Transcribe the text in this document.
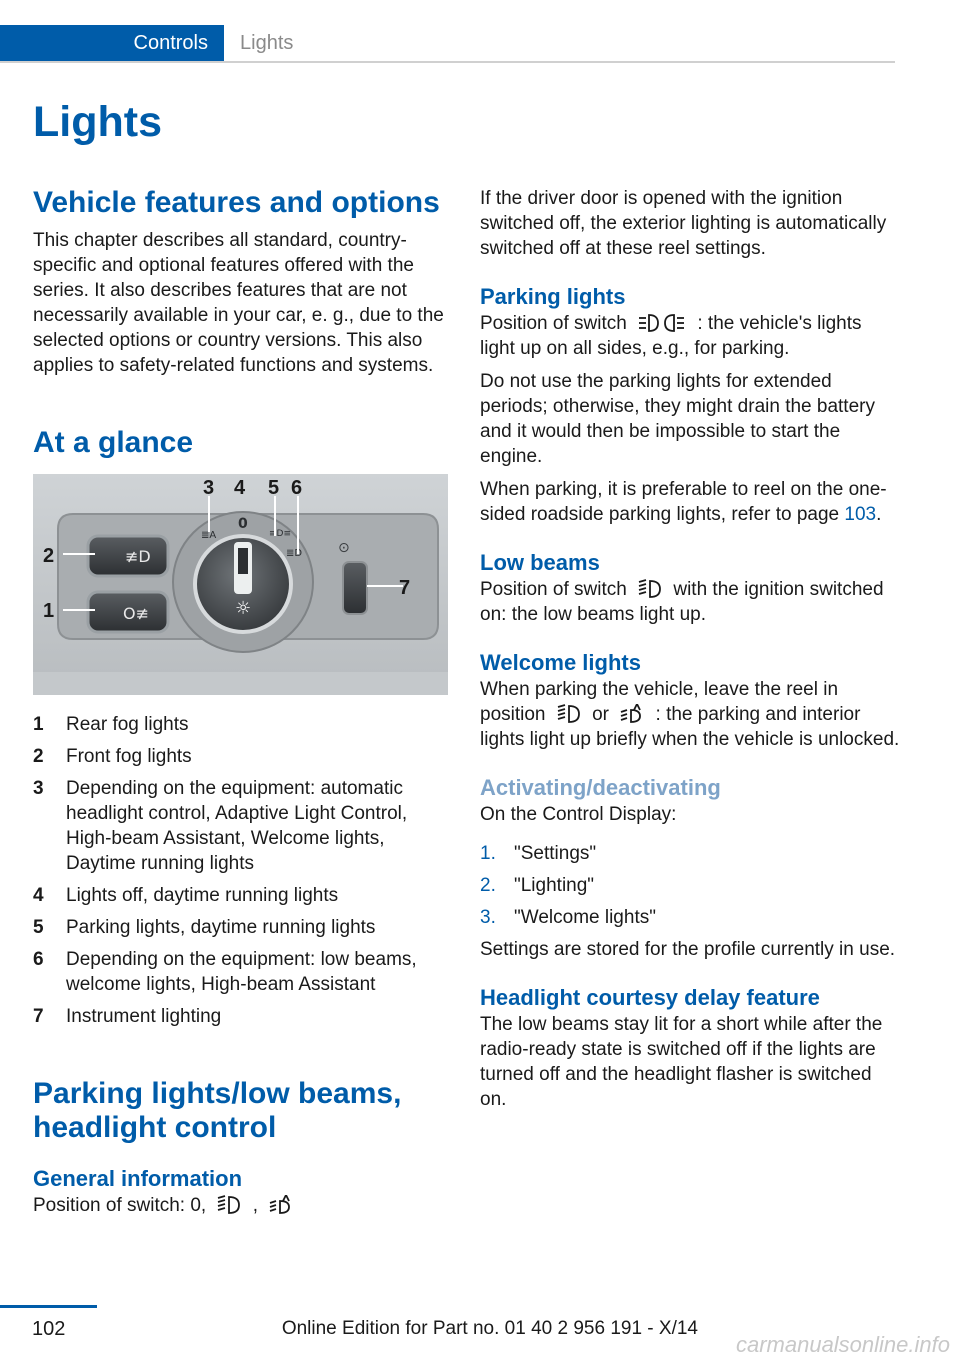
Controls Lights
Lights
Vehicle features and options

This chapter describes all standard, country-specific and optional features offered with the series. It also describes features that are not necessarily available in your car, e. g., due to the selected options or country versions. This also applies to safety-related functions and systems.

At a glance
≢D
O≢	☼
0
≣A	≡D≡
≣D	⊙
3 4 5 6
2
1
7
1	Rear fog lights
2	Front fog lights
3	Depending on the equipment: automatic headlight control, Adaptive Light Control, High-beam Assistant, Welcome lights, Daytime running lights
4	Lights off, daytime running lights
5	Parking lights, daytime running lights
6	Depending on the equipment: low beams, welcome lights, High-beam Assistant
7	Instrument lighting
Parking lights/low beams, headlight control
General information

Position of switch: 0, ,

If the driver door is opened with the ignition switched off, the exterior lighting is automatically switched off at these reel settings.

Parking lights

Position of switch	: the vehicle's lights light up on all sides, e.g., for parking.

Do not use the parking lights for extended periods; otherwise, they might drain the battery and it would then be impossible to start the engine.

When parking, it is preferable to reel on the one-sided roadside parking lights, refer to page 103.

Low beams

Position of switch with the ignition switched on: the low beams light up.

Welcome lights

When parking the vehicle, leave the reel in position or : the parking and interior lights light up briefly when the vehicle is unlocked.

Activating/deactivating

On the Control Display:

1. "Settings"
2. "Lighting"
3. "Welcome lights"

Settings are stored for the profile currently in use.

Headlight courtesy delay feature

The low beams stay lit for a short while after the radio-ready state is switched off if the lights are turned off and the headlight flasher is switched on.

102	Online Edition for Part no. 01 40 2 956 191 - X/14
carmanualsonline.info
